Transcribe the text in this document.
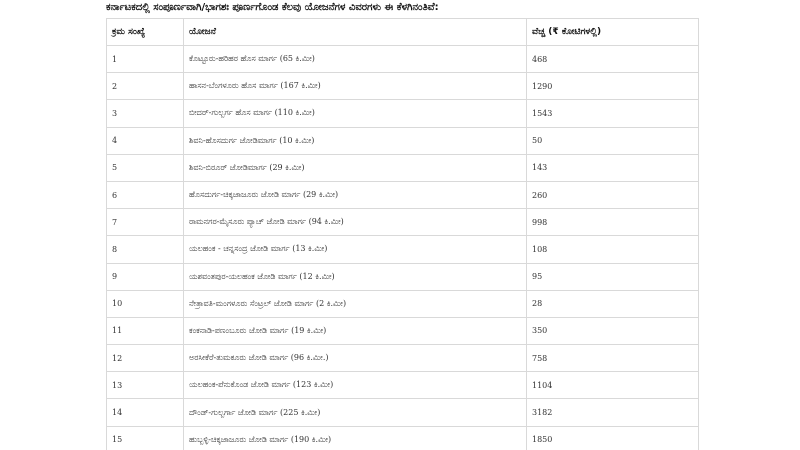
ಕರ್ನಾಟಕದಲ್ಲಿ ಸಂಪೂರ್ಣವಾಗಿ/ಭಾಗಶಃ ಪೂರ್ಣಗೊಂಡ ಕೆಲವು ಯೋಜನೆಗಳ ವಿವರಗಳು ಈ ಕೆಳಗಿನಂತಿವೆ:
ಕ್ರಮ ಸಂಖ್ಯೆ	ಯೋಜನೆ	ವೆಚ್ಚ (₹ ಕೋಟಿಗಳಲ್ಲಿ)
1	ಕೊಟ್ಟೂರು-ಹರಿಹರ ಹೊಸ ಮಾರ್ಗ (65 ಕಿ.ಮೀ)	468
2	ಹಾಸನ-ಬೆಂಗಳೂರು ಹೊಸ ಮಾರ್ಗ (167 ಕಿ.ಮೀ)	1290
3	ಬೀದರ್-ಗುಲ್ಬರ್ಗ ಹೊಸ ಮಾರ್ಗ (110 ಕಿ.ಮೀ)	1543
4	ಶಿವನಿ-ಹೊಸದುರ್ಗ ಜೋಡಿಮಾರ್ಗ (10 ಕಿ.ಮೀ)	50
5	ಶಿವನಿ-ಬಿರೂರ್ ಜೋಡಿಮಾರ್ಗ (29 ಕಿ.ಮೀ)	143
6	ಹೊಸದುರ್ಗ-ಚಿಕ್ಕಜಾಜೂರು ಜೋಡಿ ಮಾರ್ಗ (29 ಕಿ.ಮೀ)	260
7	ರಾಮನಗರ-ಮೈಸೂರು ಪ್ಯಾಚ್ ಜೋಡಿ ಮಾರ್ಗ (94 ಕಿ.ಮೀ)	998
8	ಯಲಹಂಕ - ಚನ್ನಸಂದ್ರ ಜೋಡಿ ಮಾರ್ಗ (13 ಕಿ.ಮೀ)	108
9	ಯಶವಂತಪುರ-ಯಲಹಂಕ ಜೋಡಿ ಮಾರ್ಗ (12 ಕಿ.ಮೀ)	95
10	ನೇತ್ರಾವತಿ-ಮಂಗಳೂರು ಸೆಂಟ್ರಲ್ ಜೋಡಿ ಮಾರ್ಗ (2 ಕಿ.ಮೀ)	28
11	ಕಂಕನಾಡಿ-ಪಣಂಬೂರು ಜೋಡಿ ಮಾರ್ಗ (19 ಕಿ.ಮೀ)	350
12	ಅರಸೀಕೆರೆ-ತುಮಕೂರು ಜೋಡಿ ಮಾರ್ಗ (96 ಕಿ.ಮೀ.)	758
13	ಯಲಹಂಕ-ಪೆನುಕೊಂಡ ಜೋಡಿ ಮಾರ್ಗ (123 ಕಿ.ಮೀ)	1104
14	ದೌಂಡ್-ಗುಲ್ಬರ್ಗಾ ಜೋಡಿ ಮಾರ್ಗ (225 ಕಿ.ಮೀ)	3182
15	ಹುಬ್ಬಳ್ಳಿ-ಚಿಕ್ಕಜಾಜೂರು ಜೋಡಿ ಮಾರ್ಗ (190 ಕಿ.ಮೀ)	1850
